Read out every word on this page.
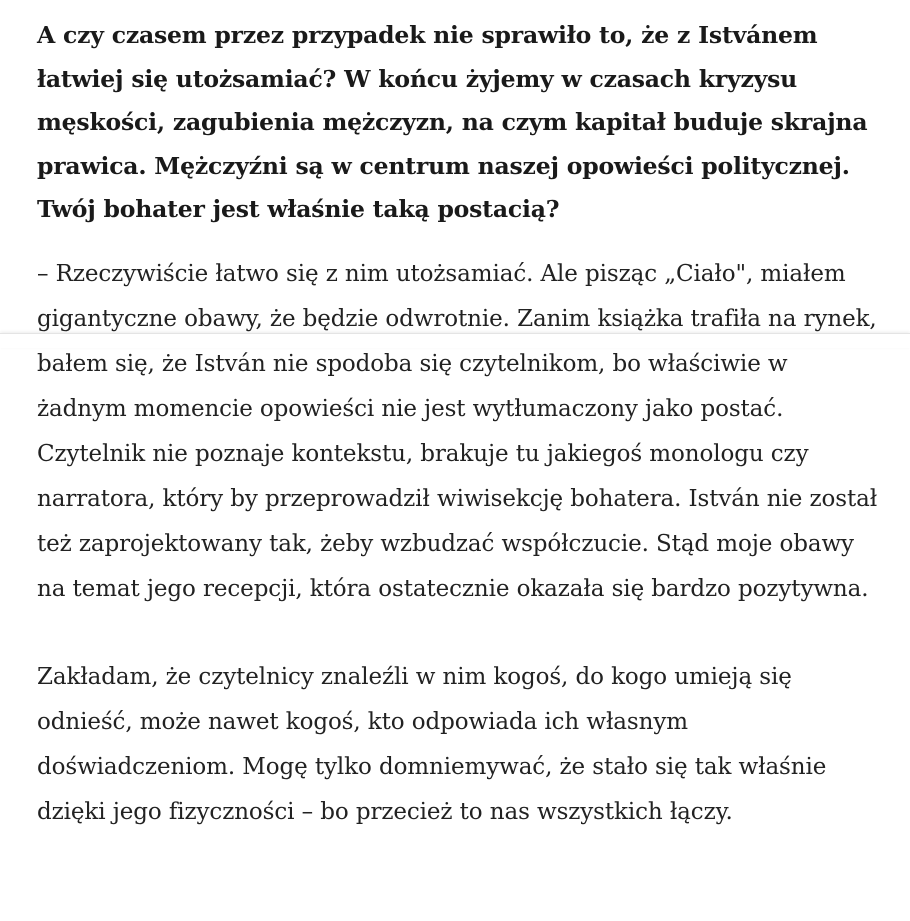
A czy czasem przez przypadek nie sprawiło to, że z Istvánem łatwiej się utożsamiać? W końcu żyjemy w czasach kryzysu męskości, zagubienia mężczyzn, na czym kapitał buduje skrajna prawica. Mężczyźni są w centrum naszej opowieści politycznej. Twój bohater jest właśnie taką postacią?

– Rzeczywiście łatwo się z nim utożsamiać. Ale pisząc „Ciało", miałem gigantyczne obawy, że będzie odwrotnie. Zanim książka trafiła na rynek, bałem się, że István nie spodoba się czytelnikom, bo właściwie w żadnym momencie opowieści nie jest wytłumaczony jako postać. Czytelnik nie poznaje kontekstu, brakuje tu jakiegoś monologu czy narratora, który by przeprowadził wiwisekcję bohatera. István nie został też zaprojektowany tak, żeby wzbudzać współczucie. Stąd moje obawy na temat jego recepcji, która ostatecznie okazała się bardzo pozytywna.

Zakładam, że czytelnicy znaleźli w nim kogoś, do kogo umieją się odnieść, może nawet kogoś, kto odpowiada ich własnym doświadczeniom. Mogę tylko domniemywać, że stało się tak właśnie dzięki jego fizyczności – bo przecież to nas wszystkich łączy.
